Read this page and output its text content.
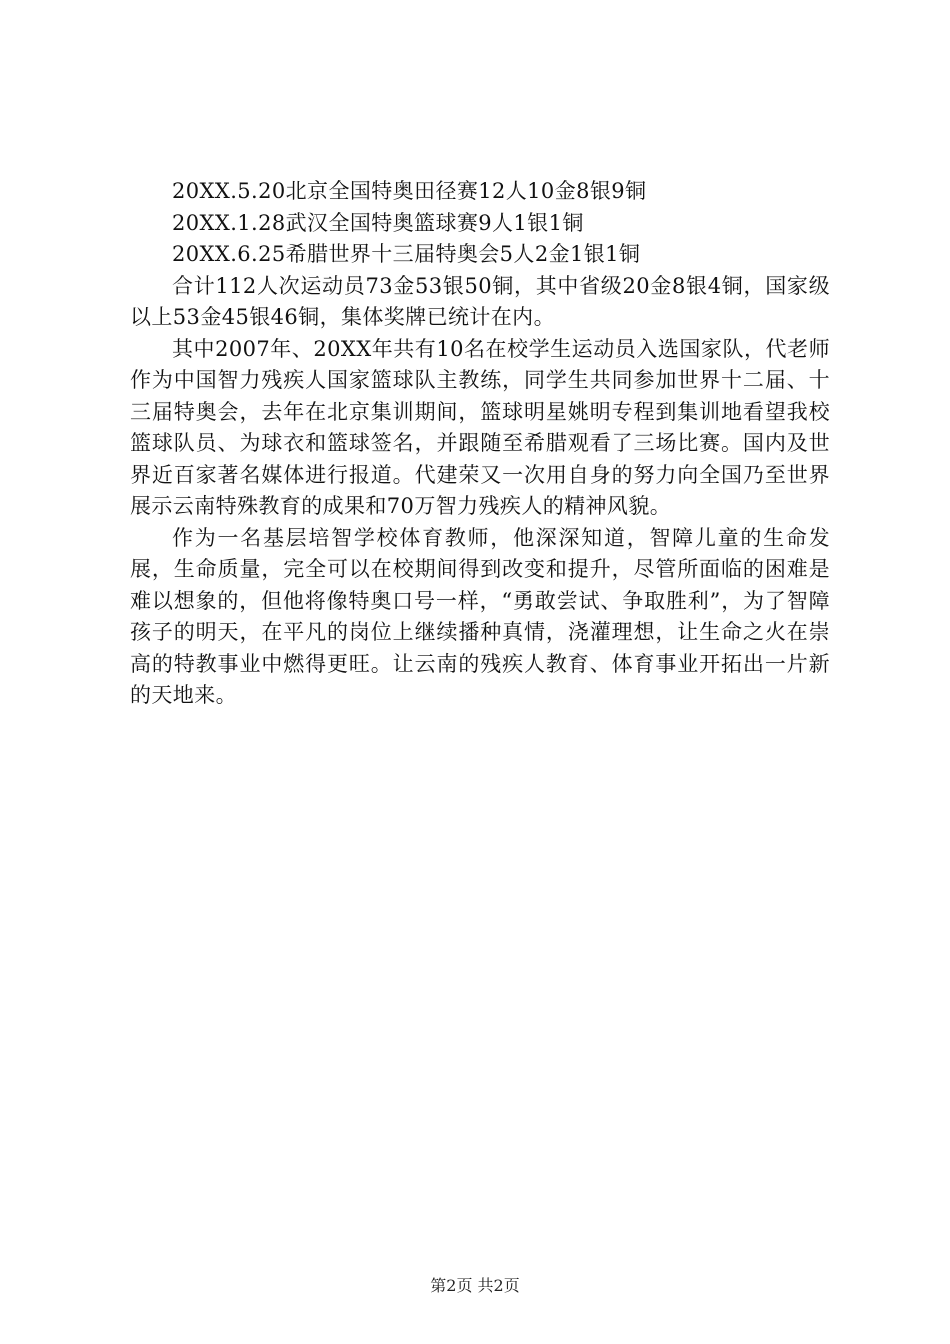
20XX.5.20北京全国特奥田径赛12人10金8银9铜

20XX.1.28武汉全国特奥篮球赛9人1银1铜

20XX.6.25希腊世界十三届特奥会5人2金1银1铜

合计112人次运动员73金53银50铜，其中省级20金8银4铜，国家级以上53金45银46铜，集体奖牌已统计在内。

其中2007年、20XX年共有10名在校学生运动员入选国家队，代老师作为中国智力残疾人国家篮球队主教练，同学生共同参加世界十二届、十三届特奥会，去年在北京集训期间，篮球明星姚明专程到集训地看望我校篮球队员、为球衣和篮球签名，并跟随至希腊观看了三场比赛。国内及世界近百家著名媒体进行报道。代建荣又一次用自身的努力向全国乃至世界展示云南特殊教育的成果和70万智力残疾人的精神风貌。

作为一名基层培智学校体育教师，他深深知道，智障儿童的生命发展，生命质量，完全可以在校期间得到改变和提升，尽管所面临的困难是难以想象的，但他将像特奥口号一样，“勇敢尝试、争取胜利”，为了智障孩子的明天，在平凡的岗位上继续播种真情，浇灌理想，让生命之火在崇高的特教事业中燃得更旺。让云南的残疾人教育、体育事业开拓出一片新的天地来。

第2页 共2页
